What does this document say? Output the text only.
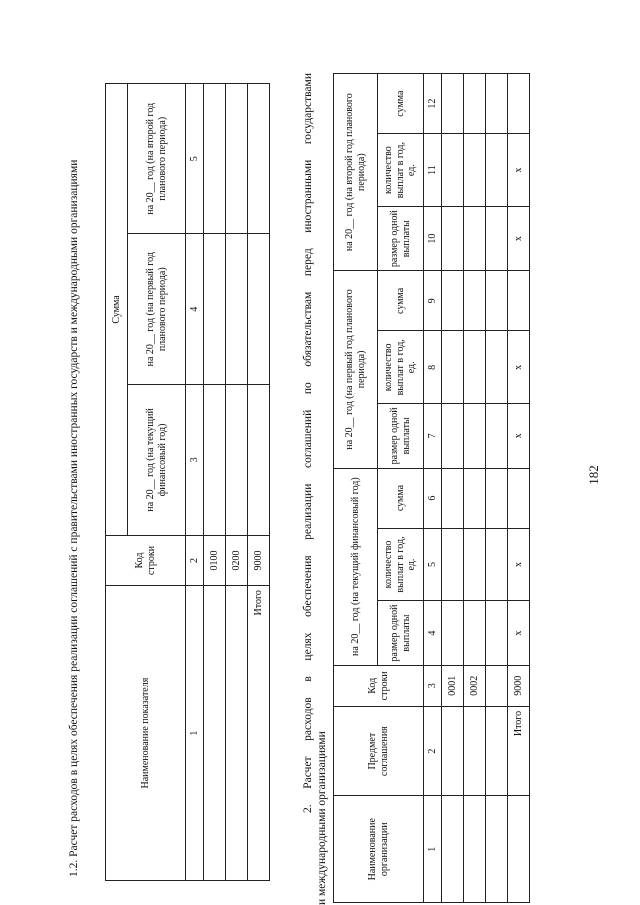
182
1.2. Расчет расходов в целях обеспечения реализации соглашений с правительствами иностранных государств и международными организациями	Наименование показателя	Код строки	Сумма		
		на 20__ год (на текущий финансовый год)	на 20__ год (на первый год планового периода)	на 20__ год (на второй год планового периода)
1	2	3	4	5
	0100			
	0200			
Итого	9000			
2.
Расчет
расходов
в
целях
обеспечения
реализации
соглашений
по
обязательствам
перед
иностранными
государствами
и международными организациями	Наименование организации	Предмет соглашения	Код строки	на 20__ год (на текущий финансовый год)			на 20__ год (на первый год планового периода)			на 20__ год (на второй год планового периода)		
			размер одной выплаты	количество выплат в год, ед.	сумма	размер одной выплаты	количество выплат в год, ед.	сумма	размер одной выплаты	количество выплат в год, ед.	сумма
1	2	3	4	5	6	7	8	9	10	11	12
		0001									
		0002									

	Итого	9000	x	x		x	x		x	x	
